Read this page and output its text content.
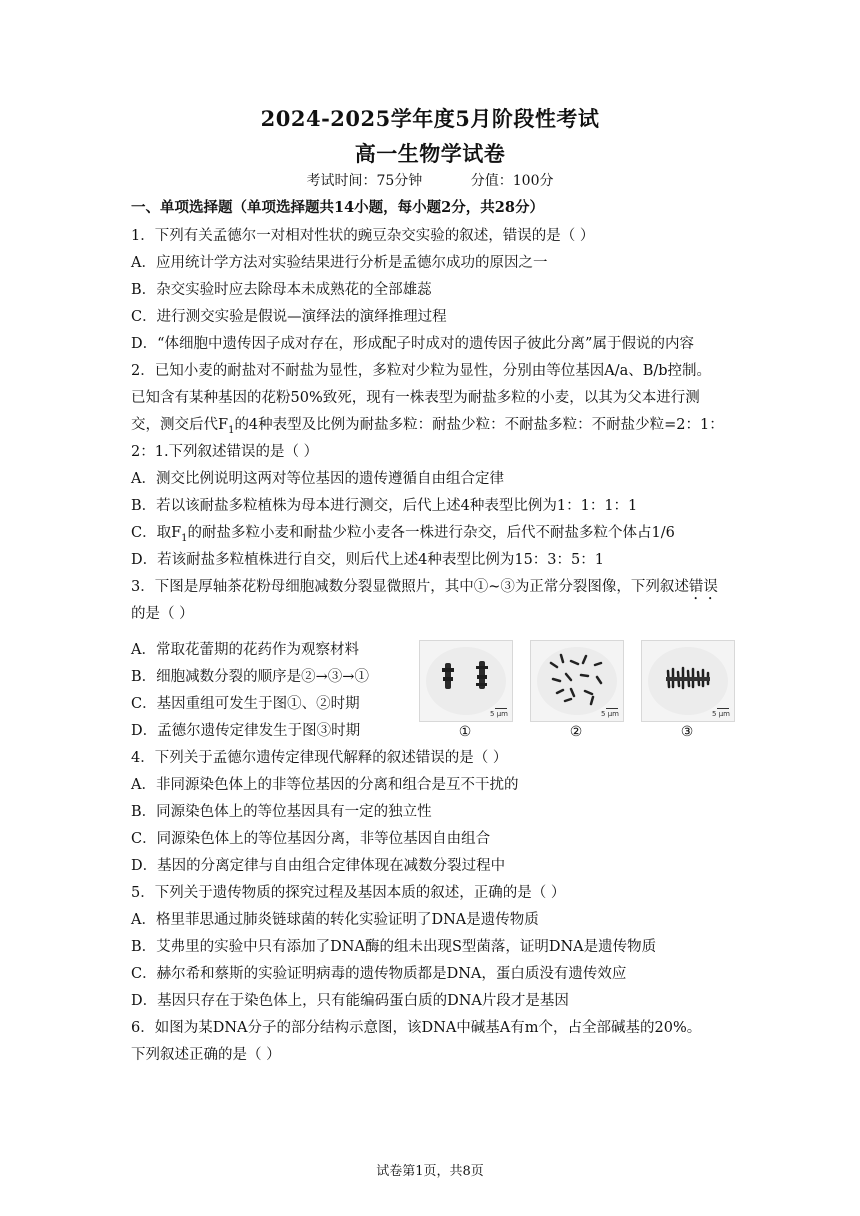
2024-2025学年度5月阶段性考试
高一生物学试卷
考试时间：75分钟	分值：100分
一、单项选择题（单项选择题共14小题，每小题2分，共28分）
1．下列有关孟德尔一对相对性状的豌豆杂交实验的叙述，错误的是（ ）
A．应用统计学方法对实验结果进行分析是孟德尔成功的原因之一
B．杂交实验时应去除母本未成熟花的全部雄蕊
C．进行测交实验是假说—演绎法的演绎推理过程
D．“体细胞中遗传因子成对存在，形成配子时成对的遗传因子彼此分离”属于假说的内容
2．已知小麦的耐盐对不耐盐为显性，多粒对少粒为显性，分别由等位基因A/a、B/b控制。
已知含有某种基因的花粉50%致死，现有一株表型为耐盐多粒的小麦，以其为父本进行测
交，测交后代$F_1$的4种表型及比例为耐盐多粒：耐盐少粒：不耐盐多粒：不耐盐少粒=2：1：
2：1.下列叙述错误的是（ ）
A．测交比例说明这两对等位基因的遗传遵循自由组合定律
B．若以该耐盐多粒植株为母本进行测交，后代上述4种表型比例为1：1：1：1
C．取$F_1$的耐盐多粒小麦和耐盐少粒小麦各一株进行杂交，后代不耐盐多粒个体占1/6
D．若该耐盐多粒植株进行自交，则后代上述4种表型比例为15：3：5：1
3．下图是厚轴茶花粉母细胞减数分裂显微照片，其中①~③为正常分裂图像，下列叙述错误
的是（ ）
A．常取花蕾期的花药作为观察材料
B．细胞减数分裂的顺序是②→③→①
C．基因重组可发生于图①、②时期
D．孟德尔遗传定律发生于图③时期
5 μm
①
5 μm
②
5 μm
③
4．下列关于孟德尔遗传定律现代解释的叙述错误的是（ ）
A．非同源染色体上的非等位基因的分离和组合是互不干扰的
B．同源染色体上的等位基因具有一定的独立性
C．同源染色体上的等位基因分离，非等位基因自由组合
D．基因的分离定律与自由组合定律体现在减数分裂过程中
5．下列关于遗传物质的探究过程及基因本质的叙述，正确的是（ ）
A．格里菲思通过肺炎链球菌的转化实验证明了DNA是遗传物质
B．艾弗里的实验中只有添加了DNA酶的组未出现S型菌落，证明DNA是遗传物质
C．赫尔希和蔡斯的实验证明病毒的遗传物质都是DNA，蛋白质没有遗传效应
D．基因只存在于染色体上，只有能编码蛋白质的DNA片段才是基因
6．如图为某DNA分子的部分结构示意图，该DNA中碱基A有m个，占全部碱基的20%。
下列叙述正确的是（ ）
试卷第1页，共8页
